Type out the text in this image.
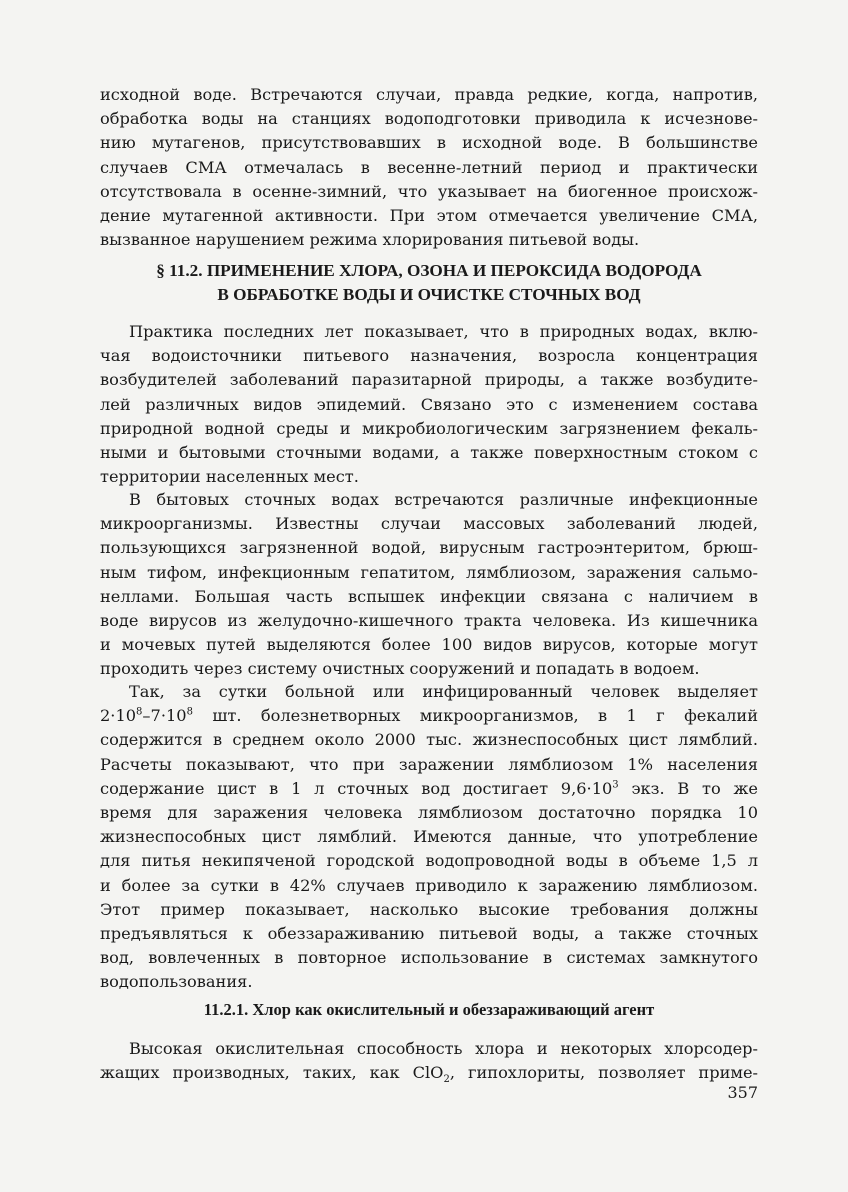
исходной воде. Встречаются случаи, правда редкие, когда, напротив,
обработка воды на станциях водоподготовки приводила к исчезнове-
нию мутагенов, присутствовавших в исходной воде. В большинстве
случаев СМА отмечалась в весенне-летний период и практически
отсутствовала в осенне-зимний, что указывает на биогенное происхож-
дение мутагенной активности. При этом отмечается увеличение СМА,
вызванное нарушением режима хлорирования питьевой воды.
§ 11.2. ПРИМЕНЕНИЕ ХЛОРА, ОЗОНА И ПЕРОКСИДА ВОДОРОДА
В ОБРАБОТКЕ ВОДЫ И ОЧИСТКЕ СТОЧНЫХ ВОД
Практика последних лет показывает, что в природных водах, вклю-
чая водоисточники питьевого назначения, возросла концентрация
возбудителей заболеваний паразитарной природы, а также возбудите-
лей различных видов эпидемий. Связано это с изменением состава
природной водной среды и микробиологическим загрязнением фекаль-
ными и бытовыми сточными водами, а также поверхностным стоком с
территории населенных мест.
В бытовых сточных водах встречаются различные инфекционные
микроорганизмы. Известны случаи массовых заболеваний людей,
пользующихся загрязненной водой, вирусным гастроэнтеритом, брюш-
ным тифом, инфекционным гепатитом, лямблиозом, заражения сальмо-
неллами. Большая часть вспышек инфекции связана с наличием в
воде вирусов из желудочно-кишечного тракта человека. Из кишечника
и мочевых путей выделяются более 100 видов вирусов, которые могут
проходить через систему очистных сооружений и попадать в водоем.
Так, за сутки больной или инфицированный человек выделяет
$2\cdot 10^8-7\cdot 10^8$ шт. болезнетворных микроорганизмов, в 1 г фекалий
содержится в среднем около 2000 тыс. жизнеспособных цист лямблий.
Расчеты показывают, что при заражении лямблиозом 1% населения
содержание цист в 1 л сточных вод достигает $9,6\cdot 10^3$ экз. В то же
время для заражения человека лямблиозом достаточно порядка 10
жизнеспособных цист лямблий. Имеются данные, что употребление
для питья некипяченой городской водопроводной воды в объеме 1,5 л
и более за сутки в 42% случаев приводило к заражению лямблиозом.
Этот пример показывает, насколько высокие требования должны
предъявляться к обеззараживанию питьевой воды, а также сточных
вод, вовлеченных в повторное использование в системах замкнутого
водопользования.
11.2.1. Хлор как окислительный и обеззараживающий агент
Высокая окислительная способность хлора и некоторых хлорсодер-
жащих производных, таких, как ClO$_2$, гипохлориты, позволяет приме-
357
